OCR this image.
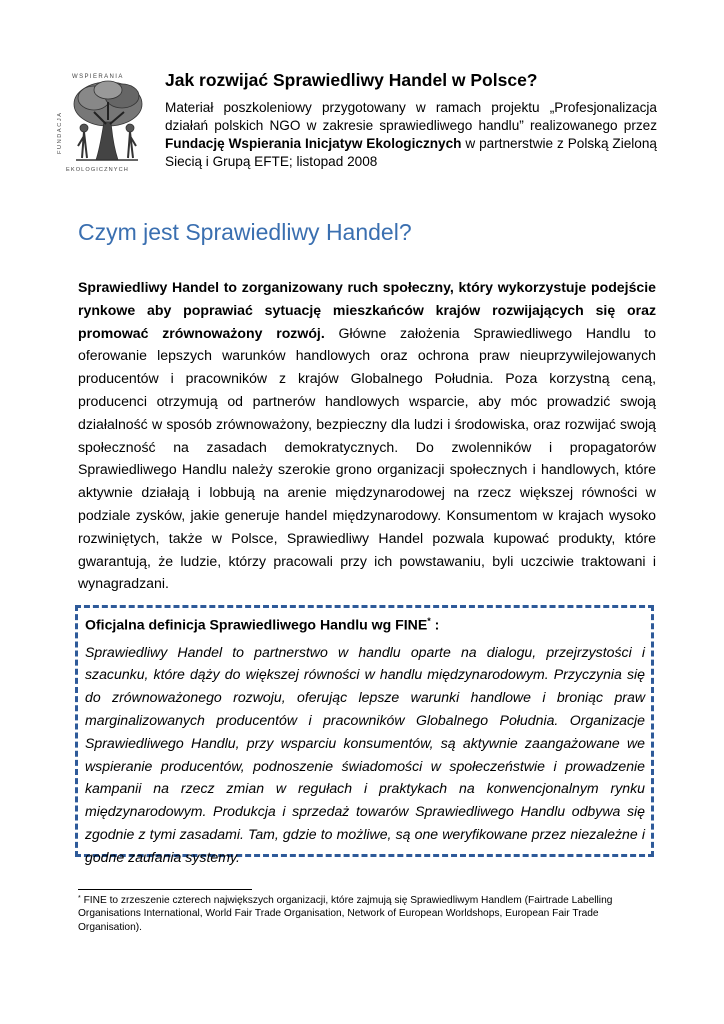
WSPIERANIA
EKOLOGICZNYCH
FUNDACJA
Jak rozwijać Sprawiedliwy Handel w Polsce?

Materiał poszkoleniowy przygotowany w ramach projektu „Profesjonalizacja działań polskich NGO w zakresie sprawiedliwego handlu” realizowanego przez Fundację Wspierania Inicjatyw Ekologicznych w partnerstwie z Polską Zieloną Siecią i Grupą EFTE; listopad 2008

Czym jest Sprawiedliwy Handel?

Sprawiedliwy Handel to zorganizowany ruch społeczny, który wykorzystuje podejście rynkowe aby poprawiać sytuację mieszkańców krajów rozwijających się oraz promować zrównoważony rozwój. Główne założenia Sprawiedliwego Handlu to oferowanie lepszych warunków handlowych oraz ochrona praw nieuprzywilejowanych producentów i pracowników z krajów Globalnego Południa. Poza korzystną ceną, producenci otrzymują od partnerów handlowych wsparcie, aby móc prowadzić swoją działalność w sposób zrównoważony, bezpieczny dla ludzi i środowiska, oraz rozwijać swoją społeczność na zasadach demokratycznych. Do zwolenników i propagatorów Sprawiedliwego Handlu należy szerokie grono organizacji społecznych i handlowych, które aktywnie działają i lobbują na arenie międzynarodowej na rzecz większej równości w podziale zysków, jakie generuje handel międzynarodowy. Konsumentom w krajach wysoko rozwiniętych, także w Polsce, Sprawiedliwy Handel pozwala kupować produkty, które gwarantują, że ludzie, którzy pracowali przy ich powstawaniu, byli uczciwie traktowani i wynagradzani.

Oficjalna definicja Sprawiedliwego Handlu wg FINE* :

Sprawiedliwy Handel to partnerstwo w handlu oparte na dialogu, przejrzystości i szacunku, które dąży do większej równości w handlu międzynarodowym. Przyczynia się do zrównoważonego rozwoju, oferując lepsze warunki handlowe i broniąc praw marginalizowanych producentów i pracowników Globalnego Południa. Organizacje Sprawiedliwego Handlu, przy wsparciu konsumentów, są aktywnie zaangażowane we wspieranie producentów, podnoszenie świadomości w społeczeństwie i prowadzenie kampanii na rzecz zmian w regułach i praktykach na konwencjonalnym rynku międzynarodowym. Produkcja i sprzedaż towarów Sprawiedliwego Handlu odbywa się zgodnie z tymi zasadami. Tam, gdzie to możliwe, są one weryfikowane przez niezależne i godne zaufania systemy.

* FINE to zrzeszenie czterech największych organizacji, które zajmują się Sprawiedliwym Handlem (Fairtrade Labelling Organisations International, World Fair Trade Organisation, Network of European Worldshops, European Fair Trade Organisation).
